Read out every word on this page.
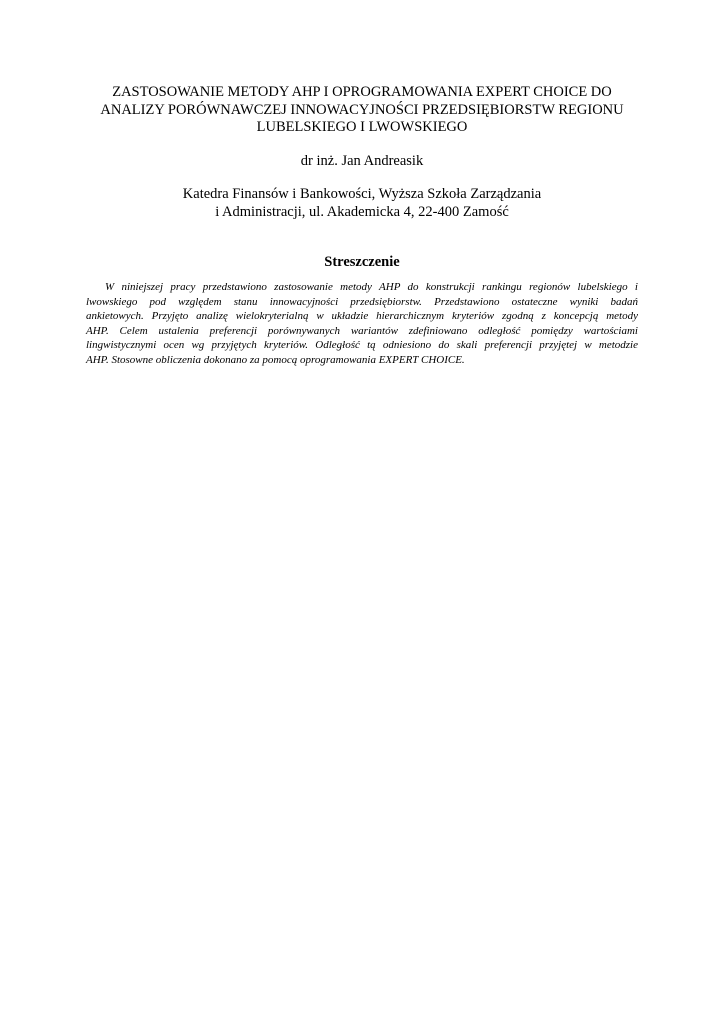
ZASTOSOWANIE METODY AHP I OPROGRAMOWANIA EXPERT CHOICE DO
ANALIZY PORÓWNAWCZEJ INNOWACYJNOŚCI PRZEDSIĘBIORSTW REGIONU
LUBELSKIEGO I LWOWSKIEGO

dr inż. Jan Andreasik

Katedra Finansów i Bankowości, Wyższa Szkoła Zarządzania
i Administracji, ul. Akademicka 4, 22-400 Zamość

Streszczenie
W niniejszej pracy przedstawiono zastosowanie metody AHP do konstrukcji rankingu regionów lubelskiego i
lwowskiego pod względem stanu innowacyjności przedsiębiorstw. Przedstawiono ostateczne wyniki badań
ankietowych. Przyjęto analizę wielokryterialną w układzie hierarchicznym kryteriów zgodną z koncepcją metody
AHP. Celem ustalenia preferencji porównywanych wariantów zdefiniowano odległość pomiędzy wartościami
lingwistycznymi ocen wg przyjętych kryteriów. Odległość tą odniesiono do skali preferencji przyjętej w metodzie
AHP. Stosowne obliczenia dokonano za pomocą oprogramowania EXPERT CHOICE.
